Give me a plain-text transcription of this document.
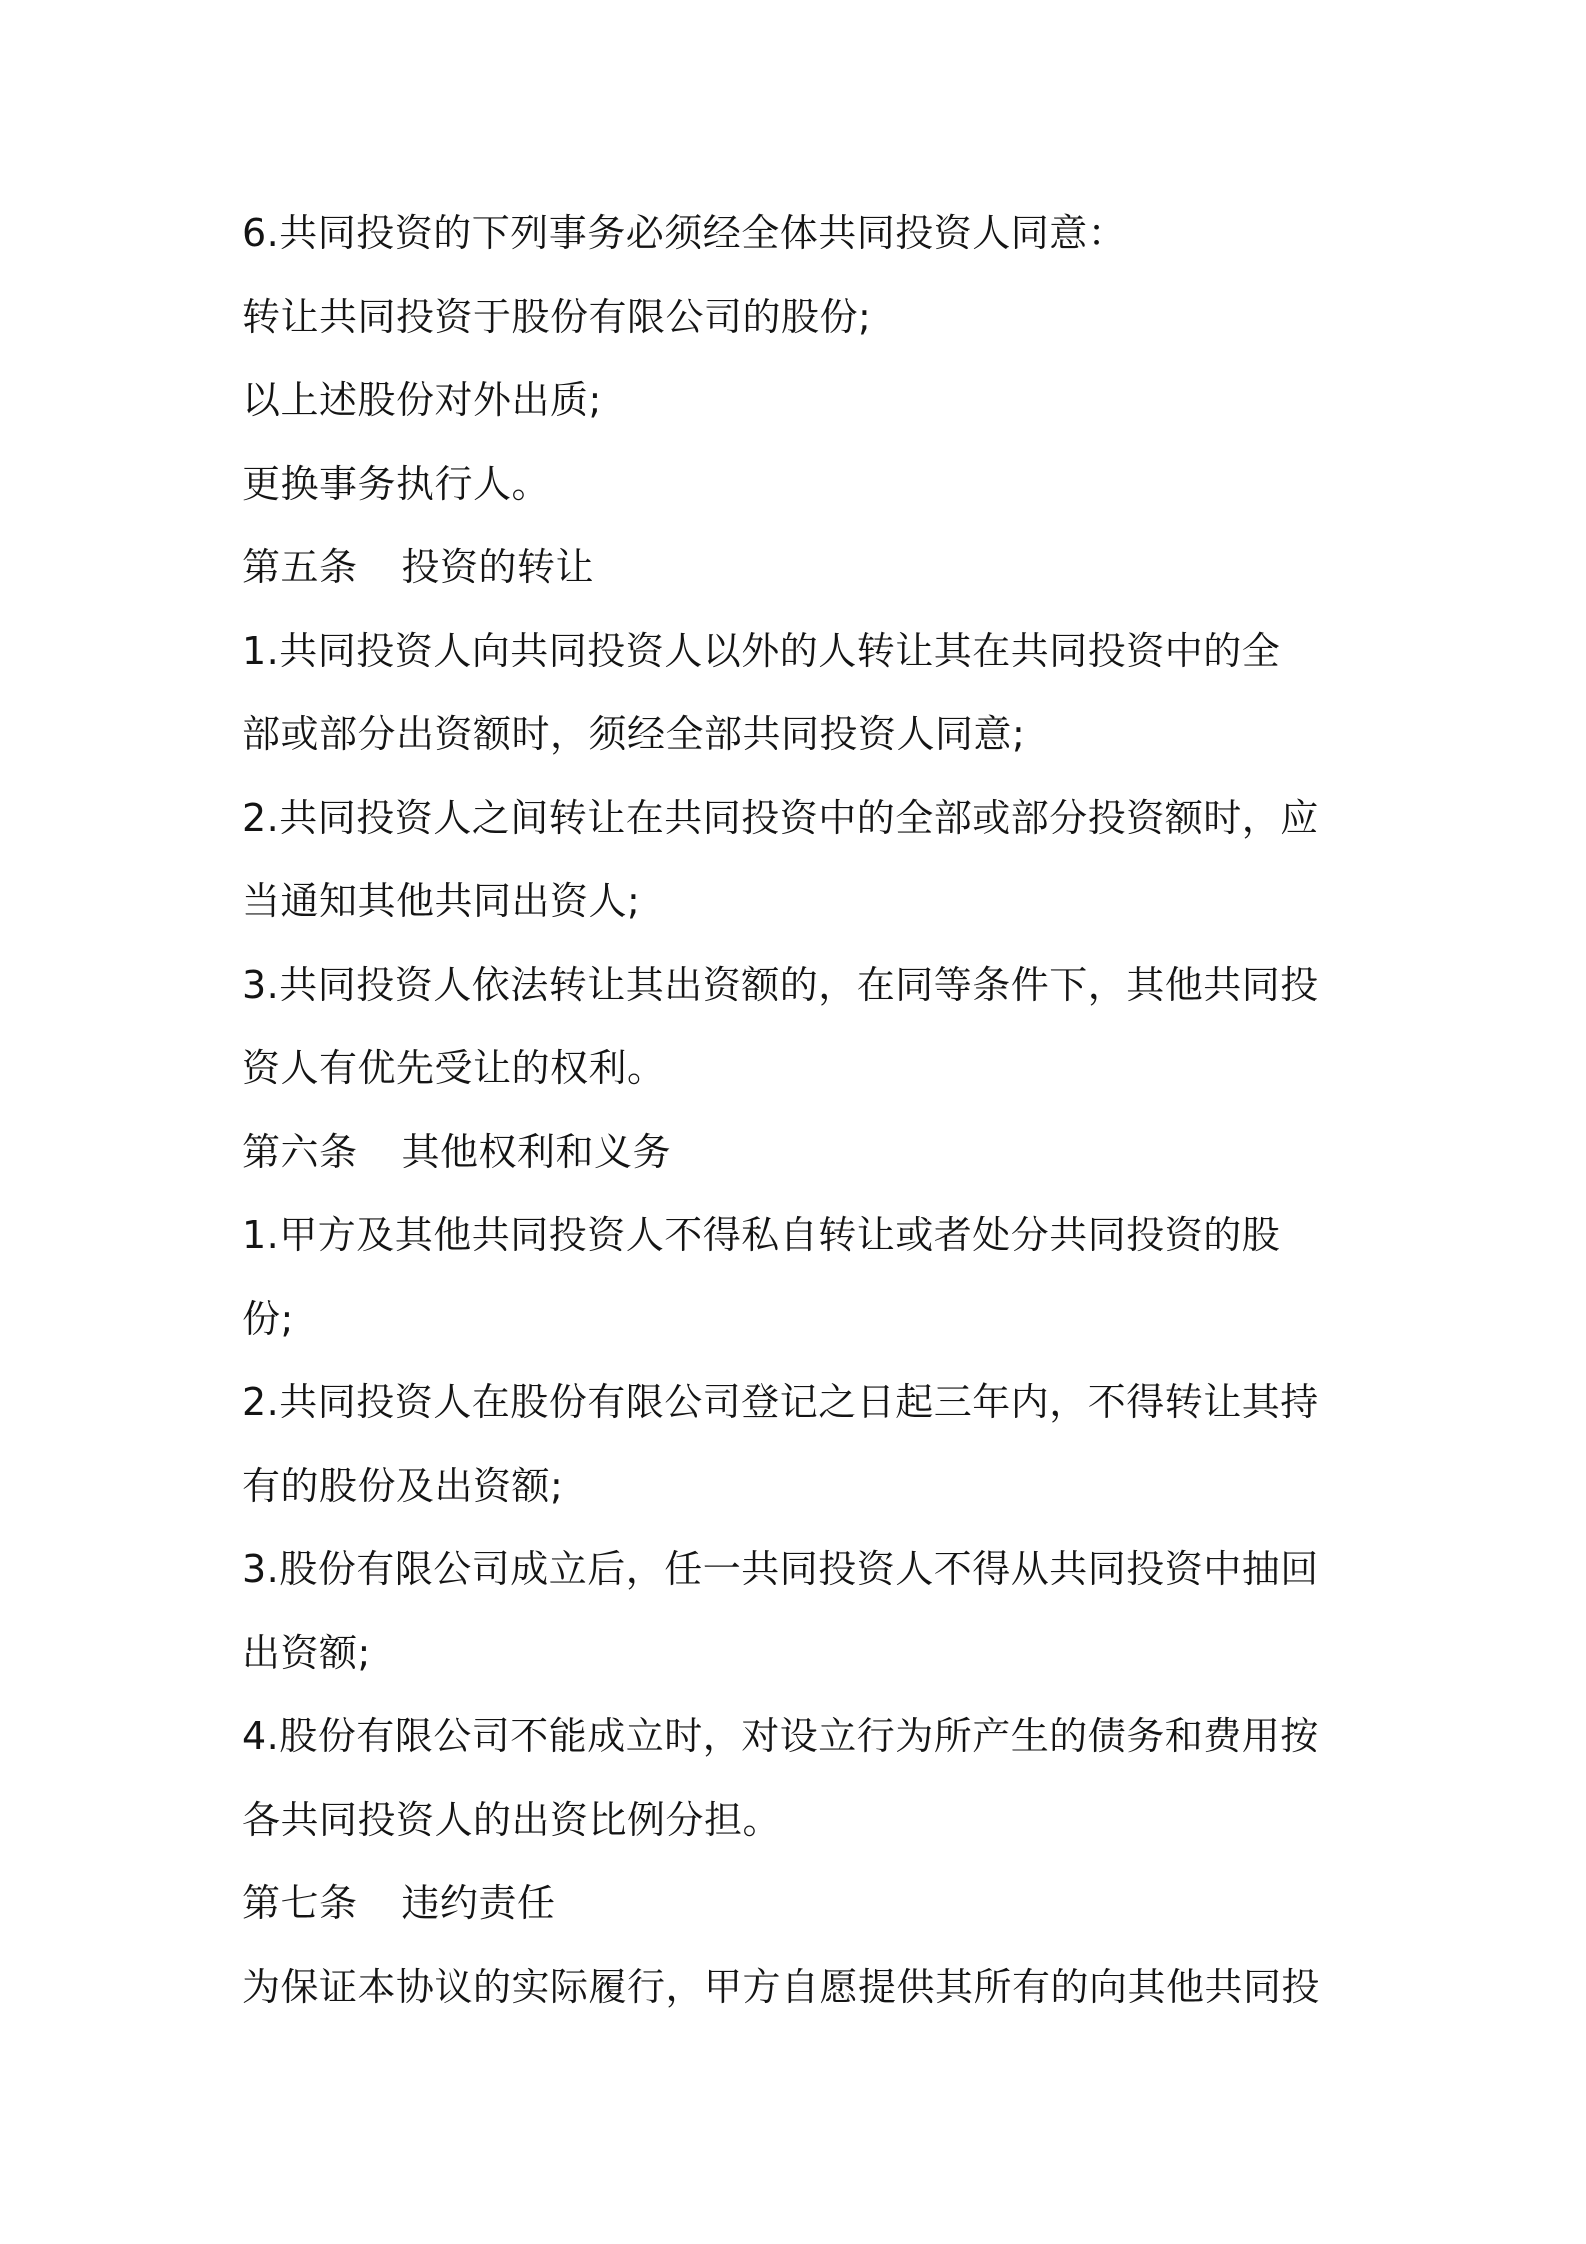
6.共同投资的下列事务必须经全体共同投资人同意：
转让共同投资于股份有限公司的股份;
以上述股份对外出质;
更换事务执行人。
第五条 投资的转让
1.共同投资人向共同投资人以外的人转让其在共同投资中的全
部或部分出资额时，须经全部共同投资人同意;
2.共同投资人之间转让在共同投资中的全部或部分投资额时，应
当通知其他共同出资人;
3.共同投资人依法转让其出资额的，在同等条件下，其他共同投
资人有优先受让的权利。
第六条 其他权利和义务
1.甲方及其他共同投资人不得私自转让或者处分共同投资的股
份;
2.共同投资人在股份有限公司登记之日起三年内，不得转让其持
有的股份及出资额;
3.股份有限公司成立后，任一共同投资人不得从共同投资中抽回
出资额;
4.股份有限公司不能成立时，对设立行为所产生的债务和费用按
各共同投资人的出资比例分担。
第七条 违约责任
为保证本协议的实际履行，甲方自愿提供其所有的向其他共同投
